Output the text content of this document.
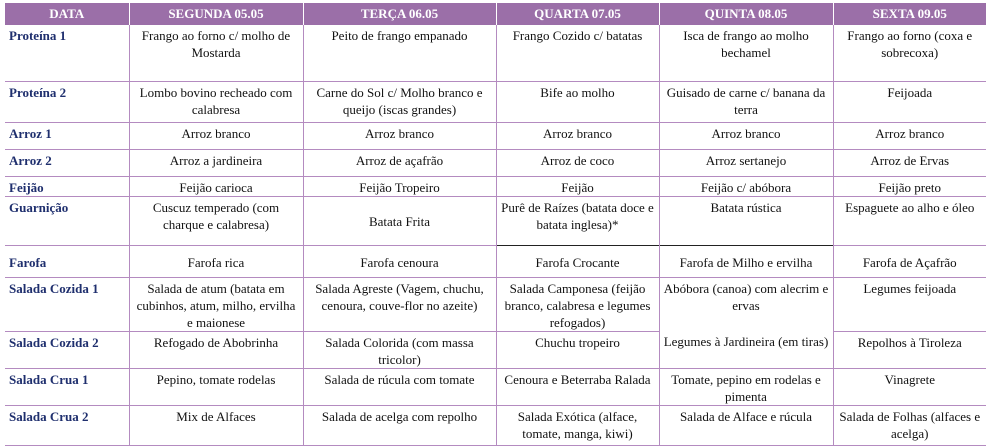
DATA	SEGUNDA 05.05	TERÇA 06.05	QUARTA 07.05	QUINTA 08.05	SEXTA 09.05
Proteína 1	Frango ao forno c/ molho de Mostarda	Peito de frango empanado	Frango Cozido c/ batatas	Isca de frango ao molho bechamel	Frango ao forno (coxa e sobrecoxa)
Proteína 2	Lombo bovino recheado com calabresa	Carne do Sol c/ Molho branco e queijo (iscas grandes)	Bife ao molho	Guisado de carne c/ banana da terra	Feijoada
Arroz 1	Arroz branco	Arroz branco	Arroz branco	Arroz branco	Arroz branco
Arroz 2	Arroz a jardineira	Arroz de açafrão	Arroz de coco	Arroz sertanejo	Arroz de Ervas
Feijão	Feijão carioca	Feijão Tropeiro	Feijão	Feijão c/ abóbora	Feijão preto
Guarnição	Cuscuz temperado (com charque e calabresa)	Batata Frita	Purê de Raízes (batata doce e batata inglesa)*	Batata rústica	Espaguete ao alho e óleo
Farofa	Farofa rica	Farofa cenoura	Farofa Crocante	Farofa de Milho e ervilha	Farofa de Açafrão
Salada Cozida 1	Salada de atum (batata em cubinhos, atum, milho, ervilha e maionese	Salada Agreste (Vagem, chuchu, cenoura, couve-flor no azeite)	Salada Camponesa (feijão branco, calabresa e legumes refogados)	Abóbora (canoa) com alecrim e ervas	Legumes feijoada
Salada Cozida 2	Refogado de Abobrinha	Salada Colorida (com massa tricolor)	Chuchu tropeiro	Legumes à Jardineira (em tiras)	Repolhos à Tiroleza
Salada Crua 1	Pepino, tomate rodelas	Salada de rúcula com tomate	Cenoura e Beterraba Ralada	Tomate, pepino em rodelas e pimenta	Vinagrete
Salada Crua 2	Mix de Alfaces	Salada de acelga com repolho	Salada Exótica (alface, tomate, manga, kiwi)	Salada de Alface e rúcula	Salada de Folhas (alfaces e acelga)
